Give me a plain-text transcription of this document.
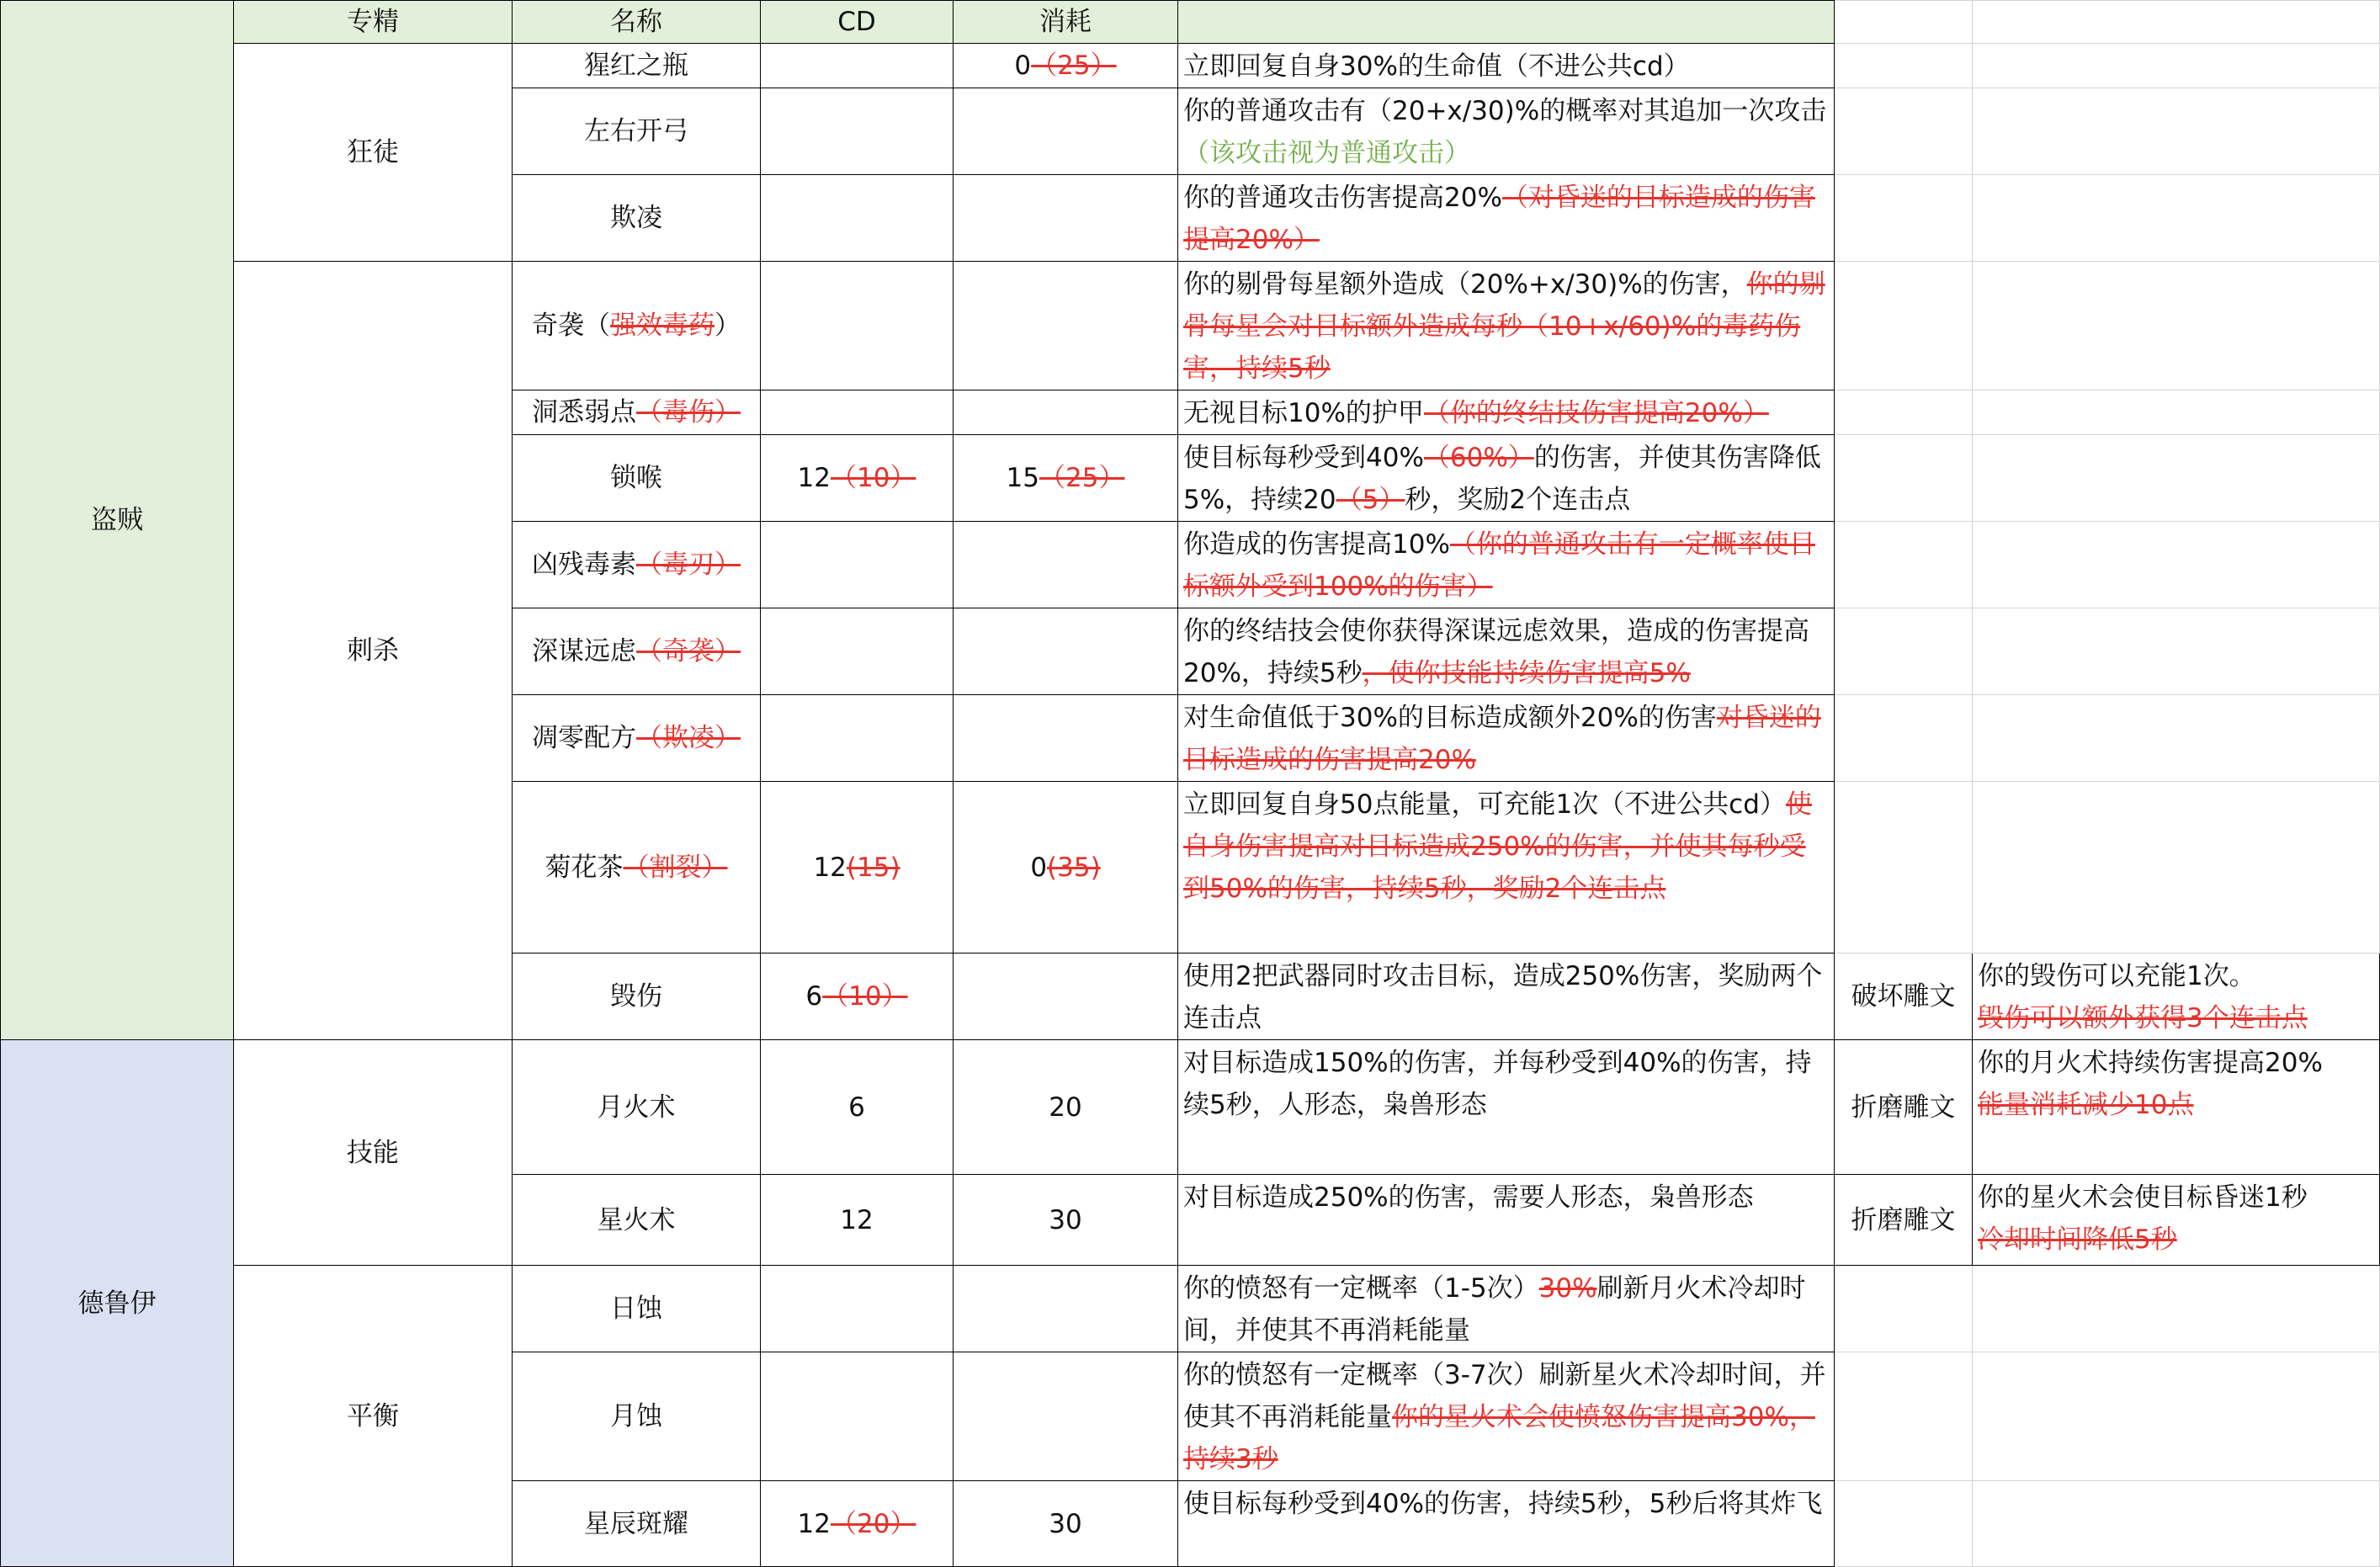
盗贼	专精	名称	CD	消耗			
	狂徒	猩红之瓶		0（25）	立即回复自身30%的生命值（不进公共cd）		
		左右开弓			你的普通攻击有（20+x/30)%的概率对其追加一次攻击（该攻击视为普通攻击）		
		欺凌			你的普通攻击伤害提高20%（对昏迷的目标造成的伤害提高20%）		
	刺杀	奇袭（强效毒药）			你的剔骨每星额外造成（20%+x/30)%的伤害，你的剔骨每星会对目标额外造成每秒（10+x/60)%的毒药伤害，持续5秒		
		洞悉弱点（毒伤）			无视目标10%的护甲（你的终结技伤害提高20%）		
		锁喉	12（10）	15（25）	使目标每秒受到40%（60%）的伤害，并使其伤害降低5%，持续20（5）秒，奖励2个连击点		
		凶残毒素（毒刃）			你造成的伤害提高10%（你的普通攻击有一定概率使目标额外受到100%的伤害）		
		深谋远虑（奇袭）			你的终结技会使你获得深谋远虑效果，造成的伤害提高20%，持续5秒，使你技能持续伤害提高5%		
		凋零配方（欺凌）			对生命值低于30%的目标造成额外20%的伤害对昏迷的目标造成的伤害提高20%		
		菊花茶（割裂）	12(15)	0(35)	立即回复自身50点能量，可充能1次（不进公共cd）使自身伤害提高对目标造成250%的伤害，并使其每秒受到50%的伤害，持续5秒，奖励2个连击点		
		毁伤	6（10）		使用2把武器同时攻击目标，造成250%伤害，奖励两个连击点	破坏雕文	你的毁伤可以充能1次。
毁伤可以额外获得3个连击点
德鲁伊	技能	月火术	6	20	对目标造成150%的伤害，并每秒受到40%的伤害，持续5秒，人形态，枭兽形态	折磨雕文	你的月火术持续伤害提高20%
能量消耗减少10点
		星火术	12	30	对目标造成250%的伤害，需要人形态，枭兽形态	折磨雕文	你的星火术会使目标昏迷1秒
冷却时间降低5秒
	平衡	日蚀			你的愤怒有一定概率（1-5次）30%刷新月火术冷却时间，并使其不再消耗能量		
		月蚀			你的愤怒有一定概率（3-7次）刷新星火术冷却时间，并使其不再消耗能量你的星火术会使愤怒伤害提高30%，持续3秒		
		星辰斑耀	12（20）	30	使目标每秒受到40%的伤害，持续5秒，5秒后将其炸飞		
